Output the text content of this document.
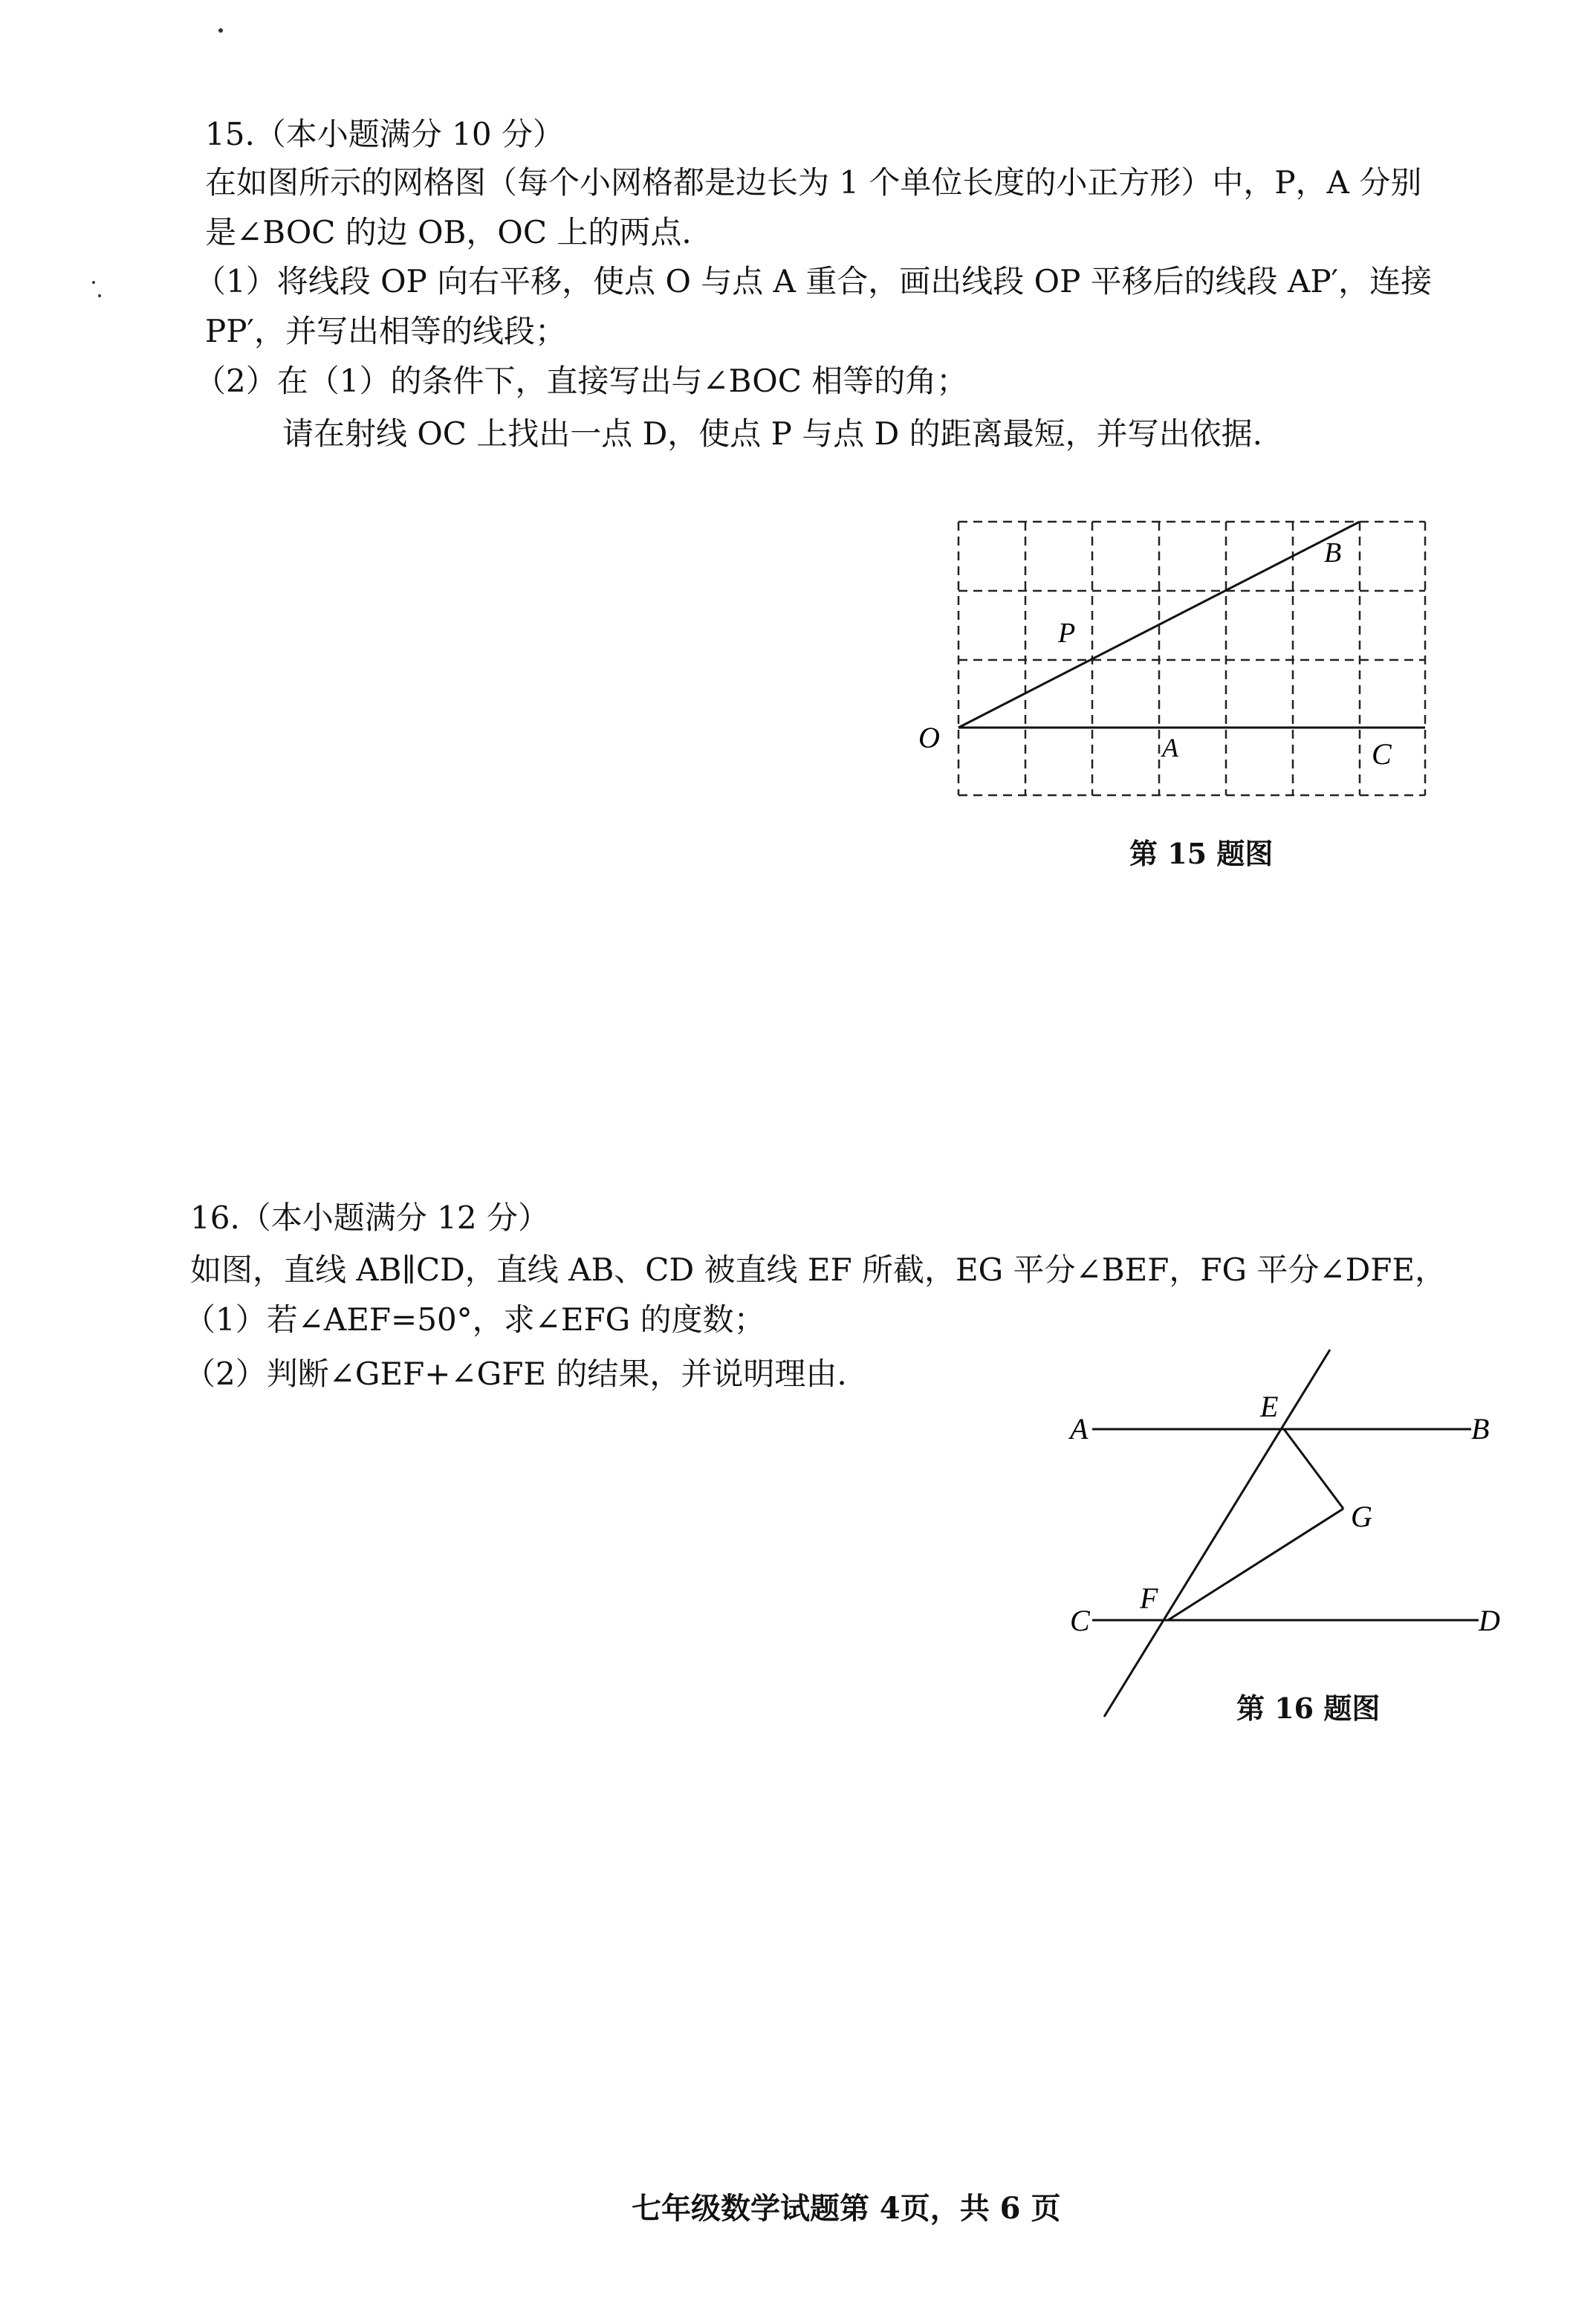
15.（本小题满分 10 分）
在如图所示的网格图（每个小网格都是边长为 1 个单位长度的小正方形）中，P，A 分别
是∠BOC 的边 OB，OC 上的两点.
（1）将线段 OP 向右平移，使点 O 与点 A 重合，画出线段 OP 平移后的线段 AP′，连接
PP′，并写出相等的线段；
（2）在（1）的条件下，直接写出与∠BOC 相等的角；
请在射线 OC 上找出一点 D，使点 P 与点 D 的距离最短，并写出依据.
O
P
B
A	C
第 15 题图
16.（本小题满分 12 分）
如图，直线 AB∥CD，直线 AB、CD 被直线 EF 所截，EG 平分∠BEF，FG 平分∠DFE，
（1）若∠AEF=50°，求∠EFG 的度数；
（2）判断∠GEF+∠GFE 的结果，并说明理由.
A	B
E
G
C
F
D
第 16 题图
七年级数学试题第 4页，共 6 页
